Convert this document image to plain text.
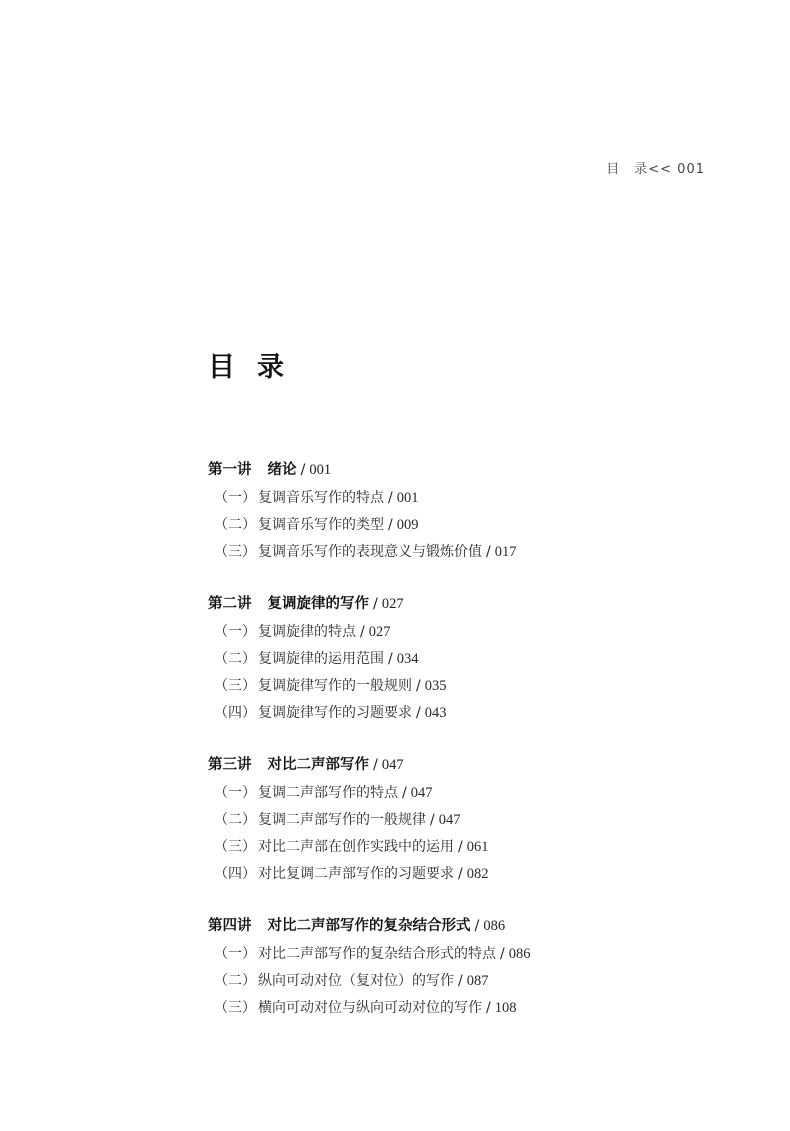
目　录<< 001
目录
第一讲 绪论 / 001
（一） 复调音乐写作的特点 / 001
（二） 复调音乐写作的类型 / 009
（三） 复调音乐写作的表现意义与锻炼价值 / 017
第二讲 复调旋律的写作 / 027
（一） 复调旋律的特点 / 027
（二） 复调旋律的运用范围 / 034
（三） 复调旋律写作的一般规则 / 035
（四） 复调旋律写作的习题要求 / 043
第三讲 对比二声部写作 / 047
（一） 复调二声部写作的特点 / 047
（二） 复调二声部写作的一般规律 / 047
（三） 对比二声部在创作实践中的运用 / 061
（四） 对比复调二声部写作的习题要求 / 082
第四讲 对比二声部写作的复杂结合形式 / 086
（一） 对比二声部写作的复杂结合形式的特点 / 086
（二） 纵向可动对位（复对位）的写作 / 087
（三） 横向可动对位与纵向可动对位的写作 / 108
